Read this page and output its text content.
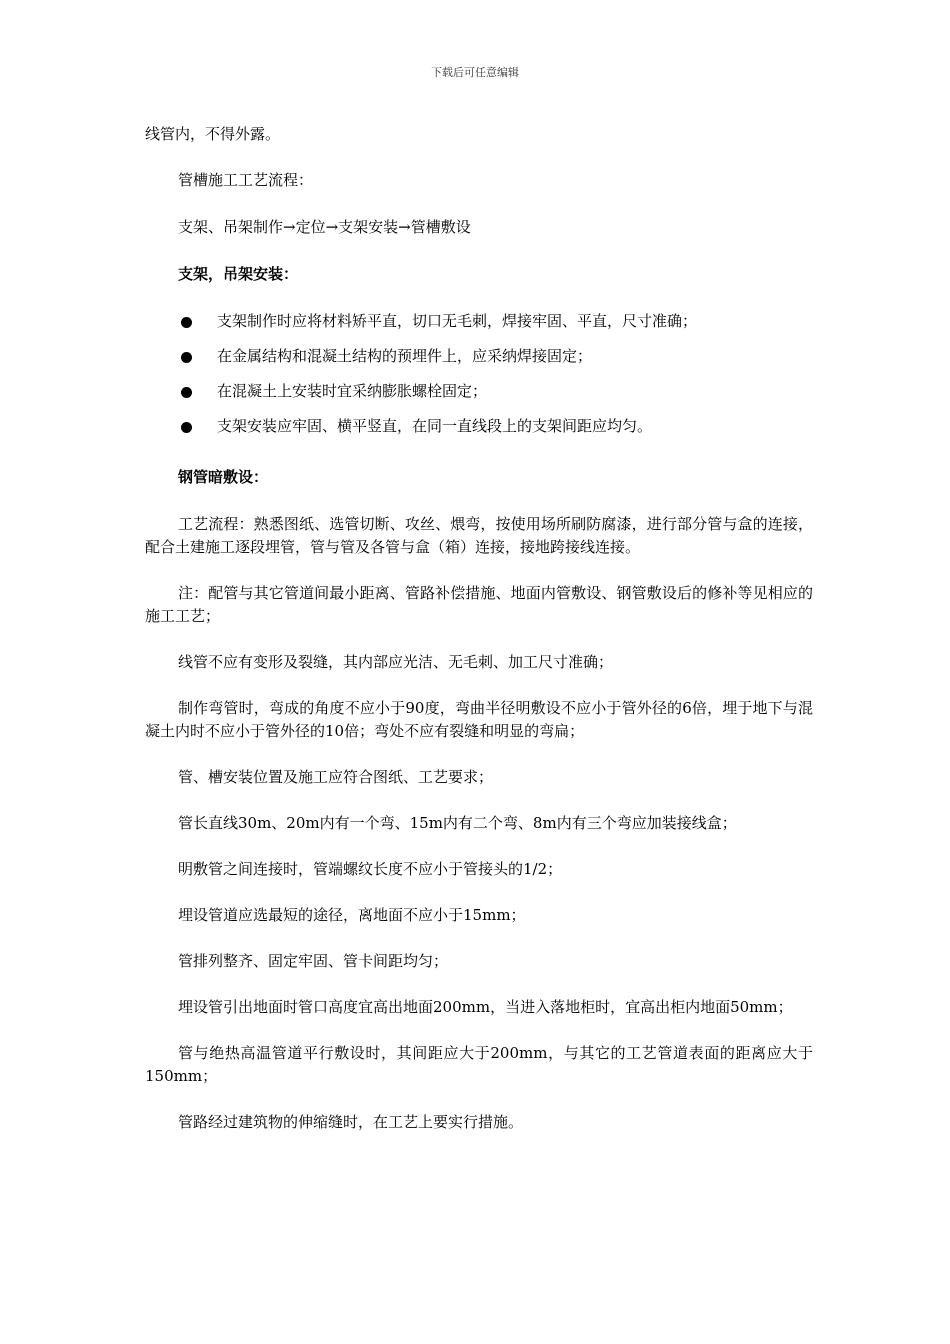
下载后可任意编辑

线管内，不得外露。

管槽施工工艺流程：

支架、吊架制作→定位→支架安装→管槽敷设

支架，吊架安装：

支架制作时应将材料矫平直，切口无毛刺，焊接牢固、平直，尺寸准确；
在金属结构和混凝土结构的预埋件上，应采纳焊接固定；
在混凝土上安装时宜采纳膨胀螺栓固定；
支架安装应牢固、横平竖直，在同一直线段上的支架间距应均匀。

钢管暗敷设：

工艺流程：熟悉图纸、选管切断、攻丝、煨弯，按使用场所刷防腐漆，进行部分管与盒的连接，配合土建施工逐段埋管，管与管及各管与盒（箱）连接，接地跨接线连接。

注：配管与其它管道间最小距离、管路补偿措施、地面内管敷设、钢管敷设后的修补等见相应的施工工艺；

线管不应有变形及裂缝，其内部应光洁、无毛刺、加工尺寸准确；

制作弯管时，弯成的角度不应小于90度，弯曲半径明敷设不应小于管外径的6倍，埋于地下与混凝土内时不应小于管外径的10倍；弯处不应有裂缝和明显的弯扁；

管、槽安装位置及施工应符合图纸、工艺要求；

管长直线30m、20m内有一个弯、15m内有二个弯、8m内有三个弯应加装接线盒；

明敷管之间连接时，管端螺纹长度不应小于管接头的1/2；

埋设管道应选最短的途径，离地面不应小于15mm；

管排列整齐、固定牢固、管卡间距均匀；

埋设管引出地面时管口高度宜高出地面200mm，当进入落地柜时，宜高出柜内地面50mm；

管与绝热高温管道平行敷设时，其间距应大于200mm，与其它的工艺管道表面的距离应大于150mm；

管路经过建筑物的伸缩缝时，在工艺上要实行措施。
